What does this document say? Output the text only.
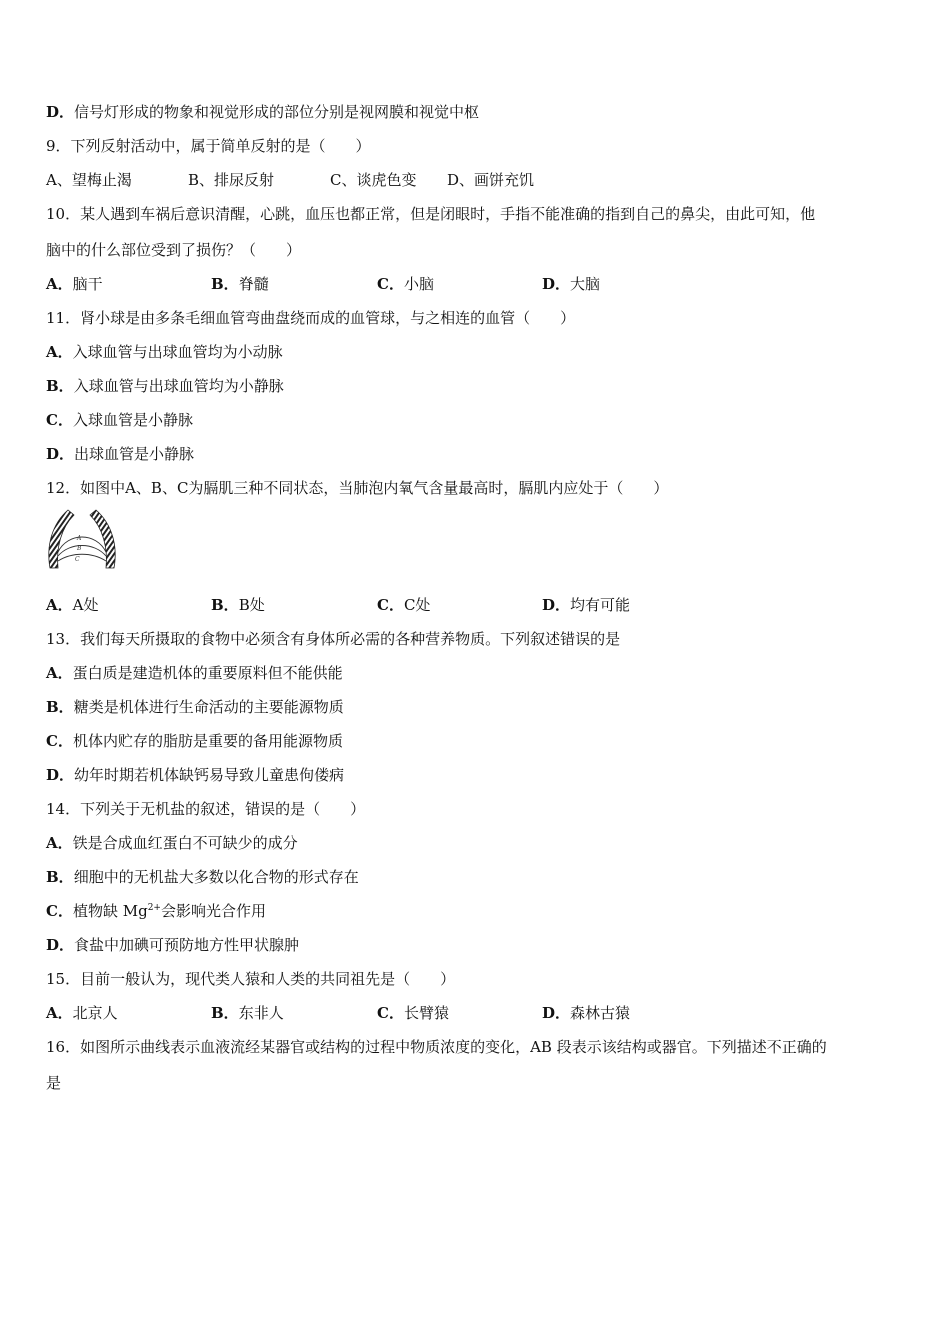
D．信号灯形成的物象和视觉形成的部位分别是视网膜和视觉中枢
9．下列反射活动中，属于简单反射的是（　　）
A、望梅止渴	B、排尿反射	C、谈虎色变 D、画饼充饥
10．某人遇到车祸后意识清醒，心跳，血压也都正常，但是闭眼时，手指不能准确的指到自己的鼻尖，由此可知，他
脑中的什么部位受到了损伤？（　　）
A．脑干	B．脊髓	C．小脑	D．大脑
11．肾小球是由多条毛细血管弯曲盘绕而成的血管球，与之相连的血管（　　）
A．入球血管与出球血管均为小动脉
B．入球血管与出球血管均为小静脉
C．入球血管是小静脉
D．出球血管是小静脉
12．如图中A、B、C为膈肌三种不同状态，当肺泡内氧气含量最高时，膈肌内应处于（　　）
A
B
C
A．A处	B．B处	C．C处	D．均有可能
13．我们每天所摄取的食物中必须含有身体所必需的各种营养物质。下列叙述错误的是
A．蛋白质是建造机体的重要原料但不能供能
B．糖类是机体进行生命活动的主要能源物质
C．机体内贮存的脂肪是重要的备用能源物质
D．幼年时期若机体缺钙易导致儿童患佝偻病
14．下列关于无机盐的叙述，错误的是（　　）
A．铁是合成血红蛋白不可缺少的成分
B．细胞中的无机盐大多数以化合物的形式存在
C．植物缺 $Mg^{2+}$会影响光合作用
D．食盐中加碘可预防地方性甲状腺肿
15．目前一般认为，现代类人猿和人类的共同祖先是（　　）
A．北京人	B．东非人	C．长臂猿	D．森林古猿
16．如图所示曲线表示血液流经某器官或结构的过程中物质浓度的变化，AB 段表示该结构或器官。下列描述不正确的
是
